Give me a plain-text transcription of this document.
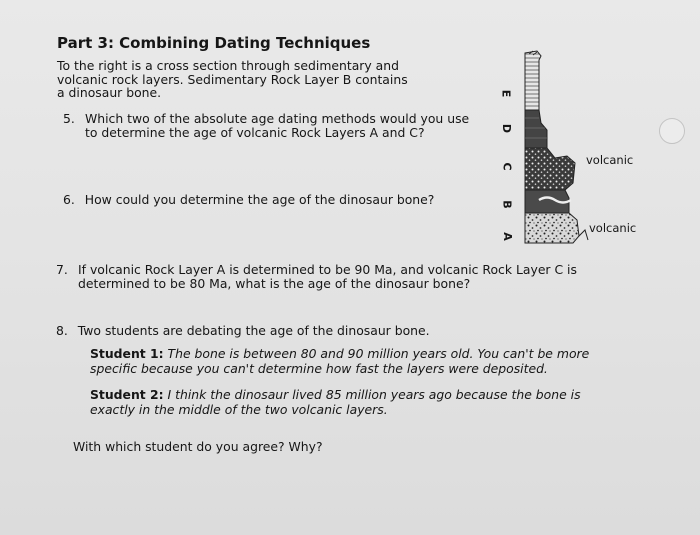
Part 3: Combining Dating Techniques
To the right is a cross section through sedimentary and volcanic rock layers. Sedimentary Rock Layer B contains a dinosaur bone.
5. Which two of the absolute age dating methods would you use to determine the age of volcanic Rock Layers A and C?
6. How could you determine the age of the dinosaur bone?
7. If volcanic Rock Layer A is determined to be 90 Ma, and volcanic Rock Layer C is determined to be 80 Ma, what is the age of the dinosaur bone?
8. Two students are debating the age of the dinosaur bone.
Student 1: The bone is between 80 and 90 million years old. You can't be more specific because you can't determine how fast the layers were deposited.
Student 2: I think the dinosaur lived 85 million years ago because the bone is exactly in the middle of the two volcanic layers.
With which student do you agree? Why?
E
D
C
B
A
volcanic
volcanic
